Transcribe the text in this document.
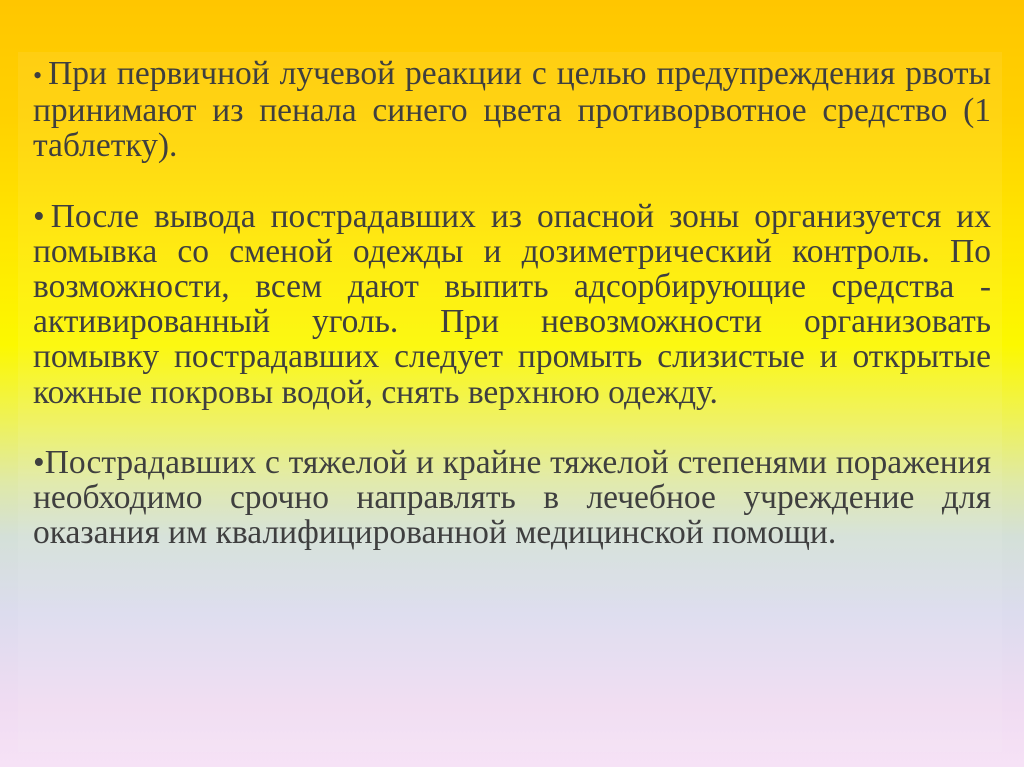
• При первичной лучевой реакции с целью предупреждения рвоты принимают из пенала синего цвета противорвотное средство (1 таблетку).

• После вывода пострадавших из опасной зоны организуется их помывка со сменой одежды и дозиметрический контроль. По возможности, всем дают выпить адсорбирующие средства - активированный уголь. При невозможности организовать помывку пострадавших следует промыть слизистые и открытые кожные покровы водой, снять верхнюю одежду.

•Пострадавших с тяжелой и крайне тяжелой степенями поражения необходимо срочно направлять в лечебное учреждение для оказания им квалифицированной медицинской помощи.
